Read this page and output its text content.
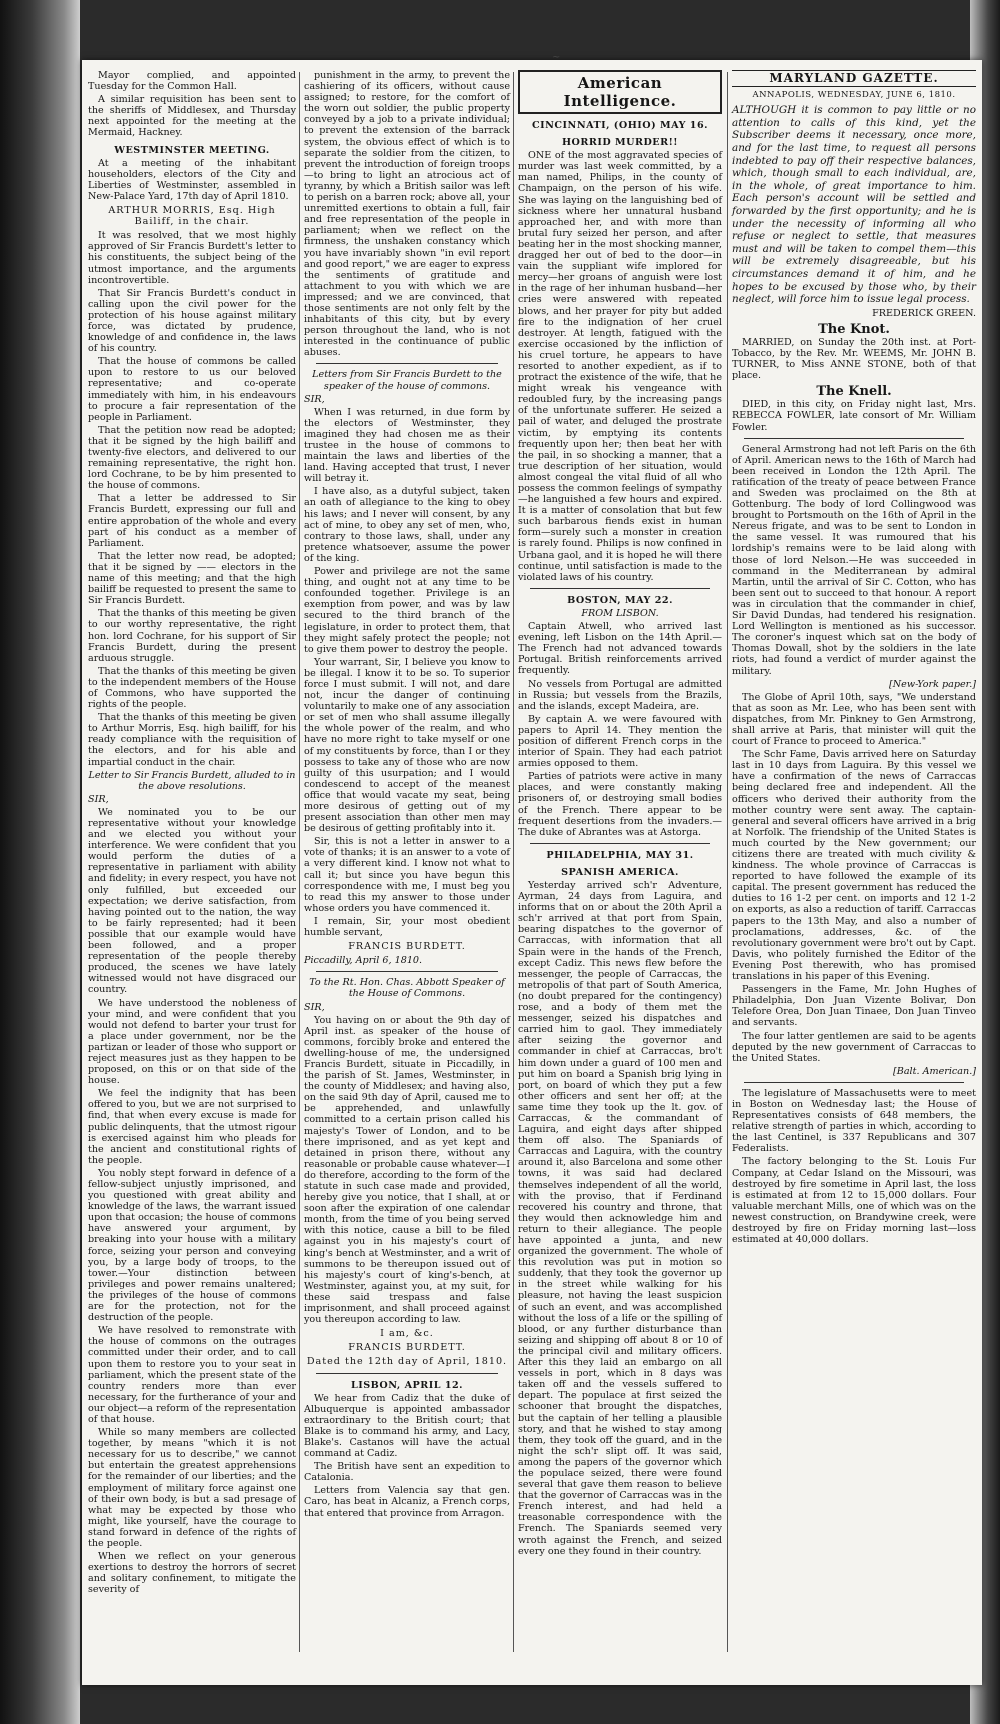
~

Mayor complied, and appointed Tuesday for the Common Hall.

A similar requisition has been sent to the sheriffs of Middlesex, and Thursday next appointed for the meeting at the Mermaid, Hackney.

WESTMINSTER MEETING.

At a meeting of the inhabitant householders, electors of the City and Liberties of Westminster, assembled in New-Palace Yard, 17th day of April 1810.

ARTHUR MORRIS, Esq. High Bailiff, in the chair.

It was resolved, that we most highly approved of Sir Francis Burdett's letter to his constituents, the subject being of the utmost importance, and the arguments incontrovertible.

That Sir Francis Burdett's conduct in calling upon the civil power for the protection of his house against military force, was dictated by prudence, knowledge of and confidence in, the laws of his country.

That the house of commons be called upon to restore to us our beloved representative; and co-operate immediately with him, in his endeavours to procure a fair representation of the people in Parliament.

That the petition now read be adopted; that it be signed by the high bailiff and twenty-five electors, and delivered to our remaining representative, the right hon. lord Cochrane, to be by him presented to the house of commons.

That a letter be addressed to Sir Francis Burdett, expressing our full and entire approbation of the whole and every part of his conduct as a member of Parliament.

That the letter now read, be adopted; that it be signed by —— electors in the name of this meeting; and that the high bailiff be requested to present the same to Sir Francis Burdett.

That the thanks of this meeting be given to our worthy representative, the right hon. lord Cochrane, for his support of Sir Francis Burdett, during the present arduous struggle.

That the thanks of this meeting be given to the independent members of the House of Commons, who have supported the rights of the people.

That the thanks of this meeting be given to Arthur Morris, Esq. high bailiff, for his ready compliance with the requisition of the electors, and for his able and impartial conduct in the chair.

Letter to Sir Francis Burdett, alluded to in the above resolutions.

SIR,

We nominated you to be our representative without your knowledge and we elected you without your interference. We were confident that you would perform the duties of a representative in parliament with ability and fidelity; in every respect, you have not only fulfilled, but exceeded our expectation; we derive satisfaction, from having pointed out to the nation, the way to be fairly represented; had it been possible that our example would have been followed, and a proper representation of the people thereby produced, the scenes we have lately witnessed would not have disgraced our country.

We have understood the nobleness of your mind, and were confident that you would not defend to barter your trust for a place under government, nor be the partizan or leader of those who support or reject measures just as they happen to be proposed, on this or on that side of the house.

We feel the indignity that has been offered to you, but we are not surprised to find, that when every excuse is made for public delinquents, that the utmost rigour is exercised against him who pleads for the ancient and constitutional rights of the people.

You nobly stept forward in defence of a fellow-subject unjustly imprisoned, and you questioned with great ability and knowledge of the laws, the warrant issued upon that occasion; the house of commons have answered your argument, by breaking into your house with a military force, seizing your person and conveying you, by a large body of troops, to the tower.—Your distinction between privileges and power remains unaltered; the privileges of the house of commons are for the protection, not for the destruction of the people.

We have resolved to remonstrate with the house of commons on the outrages committed under their order, and to call upon them to restore you to your seat in parliament, which the present state of the country renders more than ever necessary, for the furtherance of your and our object—a reform of the representation of that house.

While so many members are collected together, by means "which it is not necessary for us to describe," we cannot but entertain the greatest apprehensions for the remainder of our liberties; and the employment of military force against one of their own body, is but a sad presage of what may be expected by those who might, like yourself, have the courage to stand forward in defence of the rights of the people.

When we reflect on your generous exertions to destroy the horrors of secret and solitary confinement, to mitigate the severity of

punishment in the army, to prevent the cashiering of its officers, without cause assigned; to restore, for the comfort of the worn out soldier, the public property conveyed by a job to a private individual; to prevent the extension of the barrack system, the obvious effect of which is to separate the soldier from the citizen, to prevent the introduction of foreign troops—to bring to light an atrocious act of tyranny, by which a British sailor was left to perish on a barren rock; above all, your unremitted exertions to obtain a full, fair and free representation of the people in parliament; when we reflect on the firmness, the unshaken constancy which you have invariably shown "in evil report and good report," we are eager to express the sentiments of gratitude and attachment to you with which we are impressed; and we are convinced, that those sentiments are not only felt by the inhabitants of this city, but by every person throughout the land, who is not interested in the continuance of public abuses.

Letters from Sir Francis Burdett to the speaker of the house of commons.

SIR,

When I was returned, in due form by the electors of Westminster, they imagined they had chosen me as their trustee in the house of commons to maintain the laws and liberties of the land. Having accepted that trust, I never will betray it.

I have also, as a dutyful subject, taken an oath of allegiance to the king to obey his laws; and I never will consent, by any act of mine, to obey any set of men, who, contrary to those laws, shall, under any pretence whatsoever, assume the power of the king.

Power and privilege are not the same thing, and ought not at any time to be confounded together. Privilege is an exemption from power, and was by law secured to the third branch of the legislature, in order to protect them, that they might safely protect the people; not to give them power to destroy the people.

Your warrant, Sir, I believe you know to be illegal. I know it to be so. To superior force I must submit. I will not, and dare not, incur the danger of continuing voluntarily to make one of any association or set of men who shall assume illegally the whole power of the realm, and who have no more right to take myself or one of my constituents by force, than I or they possess to take any of those who are now guilty of this usurpation; and I would condescend to accept of the meanest office that would vacate my seat, being more desirous of getting out of my present association than other men may be desirous of getting profitably into it.

Sir, this is not a letter in answer to a vote of thanks; it is an answer to a vote of a very different kind. I know not what to call it; but since you have begun this correspondence with me, I must beg you to read this my answer to those under whose orders you have commenced it.

I remain, Sir, your most obedient humble servant,

FRANCIS BURDETT.

Piccadilly, April 6, 1810.

To the Rt. Hon. Chas. Abbott Speaker of the House of Commons.

SIR,

You having on or about the 9th day of April inst. as speaker of the house of commons, forcibly broke and entered the dwelling-house of me, the undersigned Francis Burdett, situate in Piccadilly, in the parish of St. James, Westminster, in the county of Middlesex; and having also, on the said 9th day of April, caused me to be apprehended, and unlawfully committed to a certain prison called his majesty's Tower of London, and to be there imprisoned, and as yet kept and detained in prison there, without any reasonable or probable cause whatever—I do therefore, according to the form of the statute in such case made and provided, hereby give you notice, that I shall, at or soon after the expiration of one calendar month, from the time of you being served with this notice, cause a bill to be filed against you in his majesty's court of king's bench at Westminster, and a writ of summons to be thereupon issued out of his majesty's court of king's-bench, at Westminster, against you, at my suit, for these said trespass and false imprisonment, and shall proceed against you thereupon according to law.

I am, &c.

FRANCIS BURDETT.

Dated the 12th day of April, 1810.

LISBON, APRIL 12.

We hear from Cadiz that the duke of Albuquerque is appointed ambassador extraordinary to the British court; that Blake is to command his army, and Lacy, Blake's. Castanos will have the actual command at Cadiz.

The British have sent an expedition to Catalonia.

Letters from Valencia say that gen. Caro, has beat in Alcaniz, a French corps, that entered that province from Arragon.

American Intelligence.

CINCINNATI, (OHIO) MAY 16.

HORRID MURDER!!

ONE of the most aggravated species of murder was last week committed, by a man named, Philips, in the county of Champaign, on the person of his wife. She was laying on the languishing bed of sickness where her unnatural husband approached her, and with more than brutal fury seized her person, and after beating her in the most shocking manner, dragged her out of bed to the door—in vain the suppliant wife implored for mercy—her groans of anguish were lost in the rage of her inhuman husband—her cries were answered with repeated blows, and her prayer for pity but added fire to the indignation of her cruel destroyer. At length, fatigued with the exercise occasioned by the infliction of his cruel torture, he appears to have resorted to another expedient, as if to protract the existence of the wife, that he might wreak his vengeance with redoubled fury, by the increasing pangs of the unfortunate sufferer. He seized a pail of water, and deluged the prostrate victim, by emptying its contents frequently upon her; then beat her with the pail, in so shocking a manner, that a true description of her situation, would almost congeal the vital fluid of all who possess the common feelings of sympathy—he languished a few hours and expired. It is a matter of consolation that but few such barbarous fiends exist in human form—surely such a monster in creation is rarely found. Philips is now confined in Urbana gaol, and it is hoped he will there continue, until satisfaction is made to the violated laws of his country.

BOSTON, MAY 22.

FROM LISBON.

Captain Atwell, who arrived last evening, left Lisbon on the 14th April.—The French had not advanced towards Portugal. British reinforcements arrived frequently.

No vessels from Portugal are admitted in Russia; but vessels from the Brazils, and the islands, except Madeira, are.

By captain A. we were favoured with papers to April 14. They mention the position of different French corps in the interior of Spain. They had each patriot armies opposed to them.

Parties of patriots were active in many places, and were constantly making prisoners of, or destroying small bodies of the French. There appear to be frequent desertions from the invaders.—The duke of Abrantes was at Astorga.

PHILADELPHIA, MAY 31.

SPANISH AMERICA.

Yesterday arrived sch'r Adventure, Ayrman, 24 days from Laguira, and informs that on or about the 20th April a sch'r arrived at that port from Spain, bearing dispatches to the governor of Carraccas, with information that all Spain were in the hands of the French, except Cadiz. This news flew before the messenger, the people of Carraccas, the metropolis of that part of South America, (no doubt prepared for the contingency) rose, and a body of them met the messenger, seized his dispatches and carried him to gaol. They immediately after seizing the governor and commander in chief at Carraccas, bro't him down under a guard of 100 men and put him on board a Spanish brig lying in port, on board of which they put a few other officers and sent her off; at the same time they took up the lt. gov. of Carraccas, & the commandant of Laguira, and eight days after shipped them off also. The Spaniards of Carraccas and Laguira, with the country around it, also Barcelona and some other towns, it was said had declared themselves independent of all the world, with the proviso, that if Ferdinand recovered his country and throne, that they would then acknowledge him and return to their allegiance. The people have appointed a junta, and new organized the government. The whole of this revolution was put in motion so suddenly, that they took the governor up in the street while walking for his pleasure, not having the least suspicion of such an event, and was accomplished without the loss of a life or the spilling of blood, or any further disturbance than seizing and shipping off about 8 or 10 of the principal civil and military officers. After this they laid an embargo on all vessels in port, which in 8 days was taken off and the vessels suffered to depart. The populace at first seized the schooner that brought the dispatches, but the captain of her telling a plausible story, and that he wished to stay among them, they took off the guard, and in the night the sch'r slipt off. It was said, among the papers of the governor which the populace seized, there were found several that gave them reason to believe that the governor of Carraccas was in the French interest, and had held a treasonable correspondence with the French. The Spaniards seemed very wroth against the French, and seized every one they found in their country.

MARYLAND GAZETTE.
ANNAPOLIS, WEDNESDAY, JUNE 6, 1810.

ALTHOUGH it is common to pay little or no attention to calls of this kind, yet the Subscriber deems it necessary, once more, and for the last time, to request all persons indebted to pay off their respective balances, which, though small to each individual, are, in the whole, of great importance to him. Each person's account will be settled and forwarded by the first opportunity; and he is under the necessity of informing all who refuse or neglect to settle, that measures must and will be taken to compel them—this will be extremely disagreeable, but his circumstances demand it of him, and he hopes to be excused by those who, by their neglect, will force him to issue legal process.

FREDERICK GREEN.

The Knot.

MARRIED, on Sunday the 20th inst. at Port-Tobacco, by the Rev. Mr. WEEMS, Mr. JOHN B. TURNER, to Miss ANNE STONE, both of that place.

The Knell.

DIED, in this city, on Friday night last, Mrs. REBECCA FOWLER, late consort of Mr. William Fowler.

General Armstrong had not left Paris on the 6th of April. American news to the 16th of March had been received in London the 12th April. The ratification of the treaty of peace between France and Sweden was proclaimed on the 8th at Gottenburg. The body of lord Collingwood was brought to Portsmouth on the 16th of April in the Nereus frigate, and was to be sent to London in the same vessel. It was rumoured that his lordship's remains were to be laid along with those of lord Nelson.—He was succeeded in command in the Mediterranean by admiral Martin, until the arrival of Sir C. Cotton, who has been sent out to succeed to that honour. A report was in circulation that the commander in chief, Sir David Dundas, had tendered his resignation. Lord Wellington is mentioned as his successor. The coroner's inquest which sat on the body of Thomas Dowall, shot by the soldiers in the late riots, had found a verdict of murder against the military.

[New-York paper.]

The Globe of April 10th, says, "We understand that as soon as Mr. Lee, who has been sent with dispatches, from Mr. Pinkney to Gen Armstrong, shall arrive at Paris, that minister will quit the court of France to proceed to America."

The Schr Fame, Davis arrived here on Saturday last in 10 days from Laguira. By this vessel we have a confirmation of the news of Carraccas being declared free and independent. All the officers who derived their authority from the mother country were sent away. The captain-general and several officers have arrived in a brig at Norfolk. The friendship of the United States is much courted by the New government; our citizens there are treated with much civility & kindness. The whole province of Carraccas is reported to have followed the example of its capital. The present government has reduced the duties to 16 1-2 per cent. on imports and 12 1-2 on exports, as also a reduction of tariff. Carraccas papers to the 13th May, and also a number of proclamations, addresses, &c. of the revolutionary government were bro't out by Capt. Davis, who politely furnished the Editor of the Evening Post therewith, who has promised translations in his paper of this Evening.

Passengers in the Fame, Mr. John Hughes of Philadelphia, Don Juan Vizente Bolivar, Don Telefore Orea, Don Juan Tinaee, Don Juan Tinveo and servants.

The four latter gentlemen are said to be agents deputed by the new government of Carraccas to the United States.

[Balt. American.]

The legislature of Massachusetts were to meet in Boston on Wednesday last; the House of Representatives consists of 648 members, the relative strength of parties in which, according to the last Centinel, is 337 Republicans and 307 Federalists.

The factory belonging to the St. Louis Fur Company, at Cedar Island on the Missouri, was destroyed by fire sometime in April last, the loss is estimated at from 12 to 15,000 dollars. Four valuable merchant Mills, one of which was on the newest construction, on Brandywine creek, were destroyed by fire on Friday morning last—loss estimated at 40,000 dollars.
